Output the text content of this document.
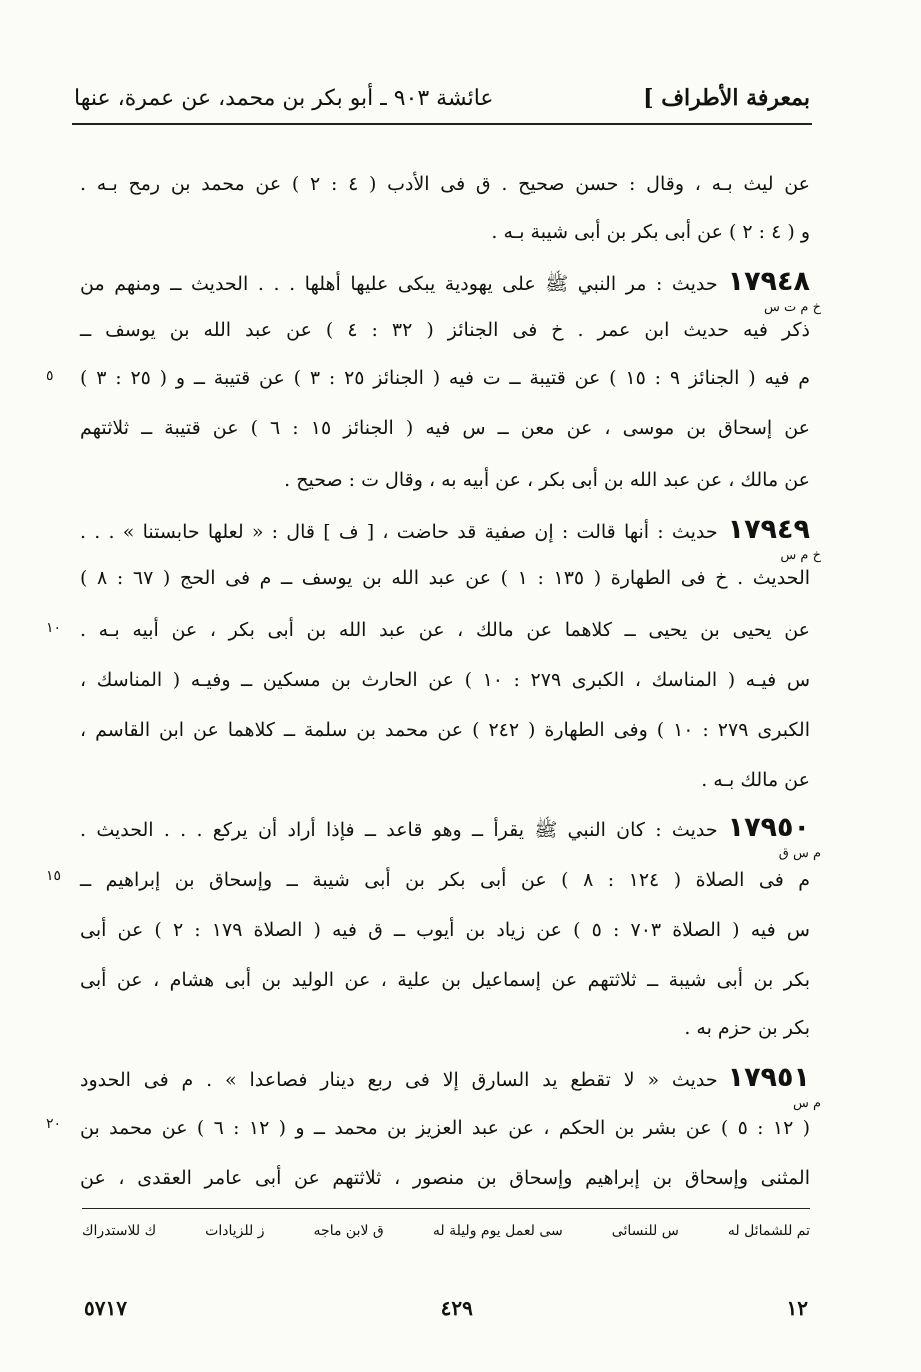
بمعرفة الأطراف ]
عائشة ٩٠٣ ـ أبو بكر بن محمد، عن عمرة، عنها
عن ليث بـه ، وقال : حسن صحيح . ق فى الأدب ( ٤ : ٢ ) عن محمد بن رمح بـه .
و ( ٤ : ٢ ) عن أبى بكر بن أبى شيبة بـه .
١٧٩٤٨حديث : مر النبي ﷺ على يهودية يبكى عليها أهلها . . . الحديث ــ ومنهم من
خ م ت س
ذكر فيه حديث ابن عمر . خ فى الجنائز ( ٣٢ : ٤ ) عن عبد الله بن يوسف ــ
م فيه ( الجنائز ٩ : ١٥ ) عن قتيبة ــ ت فيه ( الجنائز ٢٥ : ٣ ) عن قتيبة ــ و ( ٢٥ : ٣ )
٥
عن إسحاق بن موسى ، عن معن ــ س فيه ( الجنائز ١٥ : ٦ ) عن قتيبة ــ ثلاثتهم
عن مالك ، عن عبد الله بن أبى بكر ، عن أبيه به ، وقال ت : صحيح .
١٧٩٤٩حديث : أنها قالت : إن صفية قد حاضت ، [ ف ] قال : « لعلها حابستنا » . . .
خ م س
الحديث . خ فى الطهارة ( ١٣٥ : ١ ) عن عبد الله بن يوسف ــ م فى الحج ( ٦٧ : ٨ )
عن يحيى بن يحيى ــ كلاهما عن مالك ، عن عبد الله بن أبى بكر ، عن أبيه بـه .
١٠
س فيـه ( المناسك ، الكبرى ٢٧٩ : ١٠ ) عن الحارث بن مسكين ــ وفيـه ( المناسك ،
الكبرى ٢٧٩ : ١٠ ) وفى الطهارة ( ٢٤٢ ) عن محمد بن سلمة ــ كلاهما عن ابن القاسم ،
عن مالك بـه .
١٧٩٥٠حديث : كان النبي ﷺ يقرأ ــ وهو قاعد ــ فإذا أراد أن يركع . . . الحديث .
م س ق
م فى الصلاة ( ١٢٤ : ٨ ) عن أبى بكر بن أبى شيبة ــ وإسحاق بن إبراهيم ــ
١٥
س فيه ( الصلاة ٧٠٣ : ٥ ) عن زياد بن أيوب ــ ق فيه ( الصلاة ١٧٩ : ٢ ) عن أبى
بكر بن أبى شيبة ــ ثلاثتهم عن إسماعيل بن علية ، عن الوليد بن أبى هشام ، عن أبى
بكر بن حزم به .
١٧٩٥١حديث « لا تقطع يد السارق إلا فى ربع دينار فصاعدا » . م فى الحدود
م س
( ١٢ : ٥ ) عن بشر بن الحكم ، عن عبد العزيز بن محمد ــ و ( ١٢ : ٦ ) عن محمد بن
٢٠
المثنى وإسحاق بن إبراهيم وإسحاق بن منصور ، ثلاثتهم عن أبى عامر العقدى ، عن
تم للشمائل له
س للنسائى
سى لعمل يوم وليلة له
ق لابن ماجه
ز للزيادات
ك للاستدراك
١٢
٤٢٩
٥٧١٧
